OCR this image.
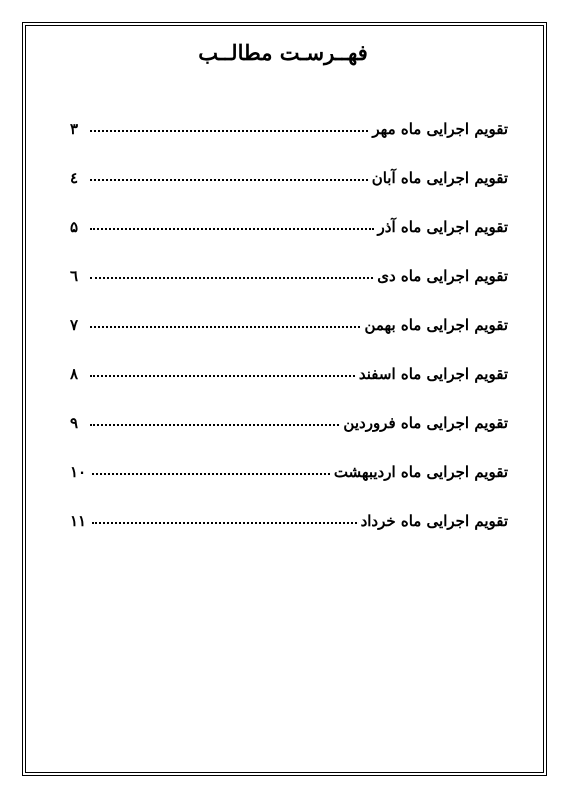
فهــرسـت مطالــب
تقویم اجرایی ماه مهر
۳
تقویم اجرایی ماه آبان
٤
تقویم اجرایی ماه آذر
۵
تقویم اجرایی ماه دی
٦
تقویم اجرایی ماه بهمن
۷
تقویم اجرایی ماه اسفند
۸
تقویم اجرایی ماه فروردین
۹
تقویم اجرایی ماه اردیبهشت
۱۰
تقویم اجرایی ماه خرداد
۱۱
